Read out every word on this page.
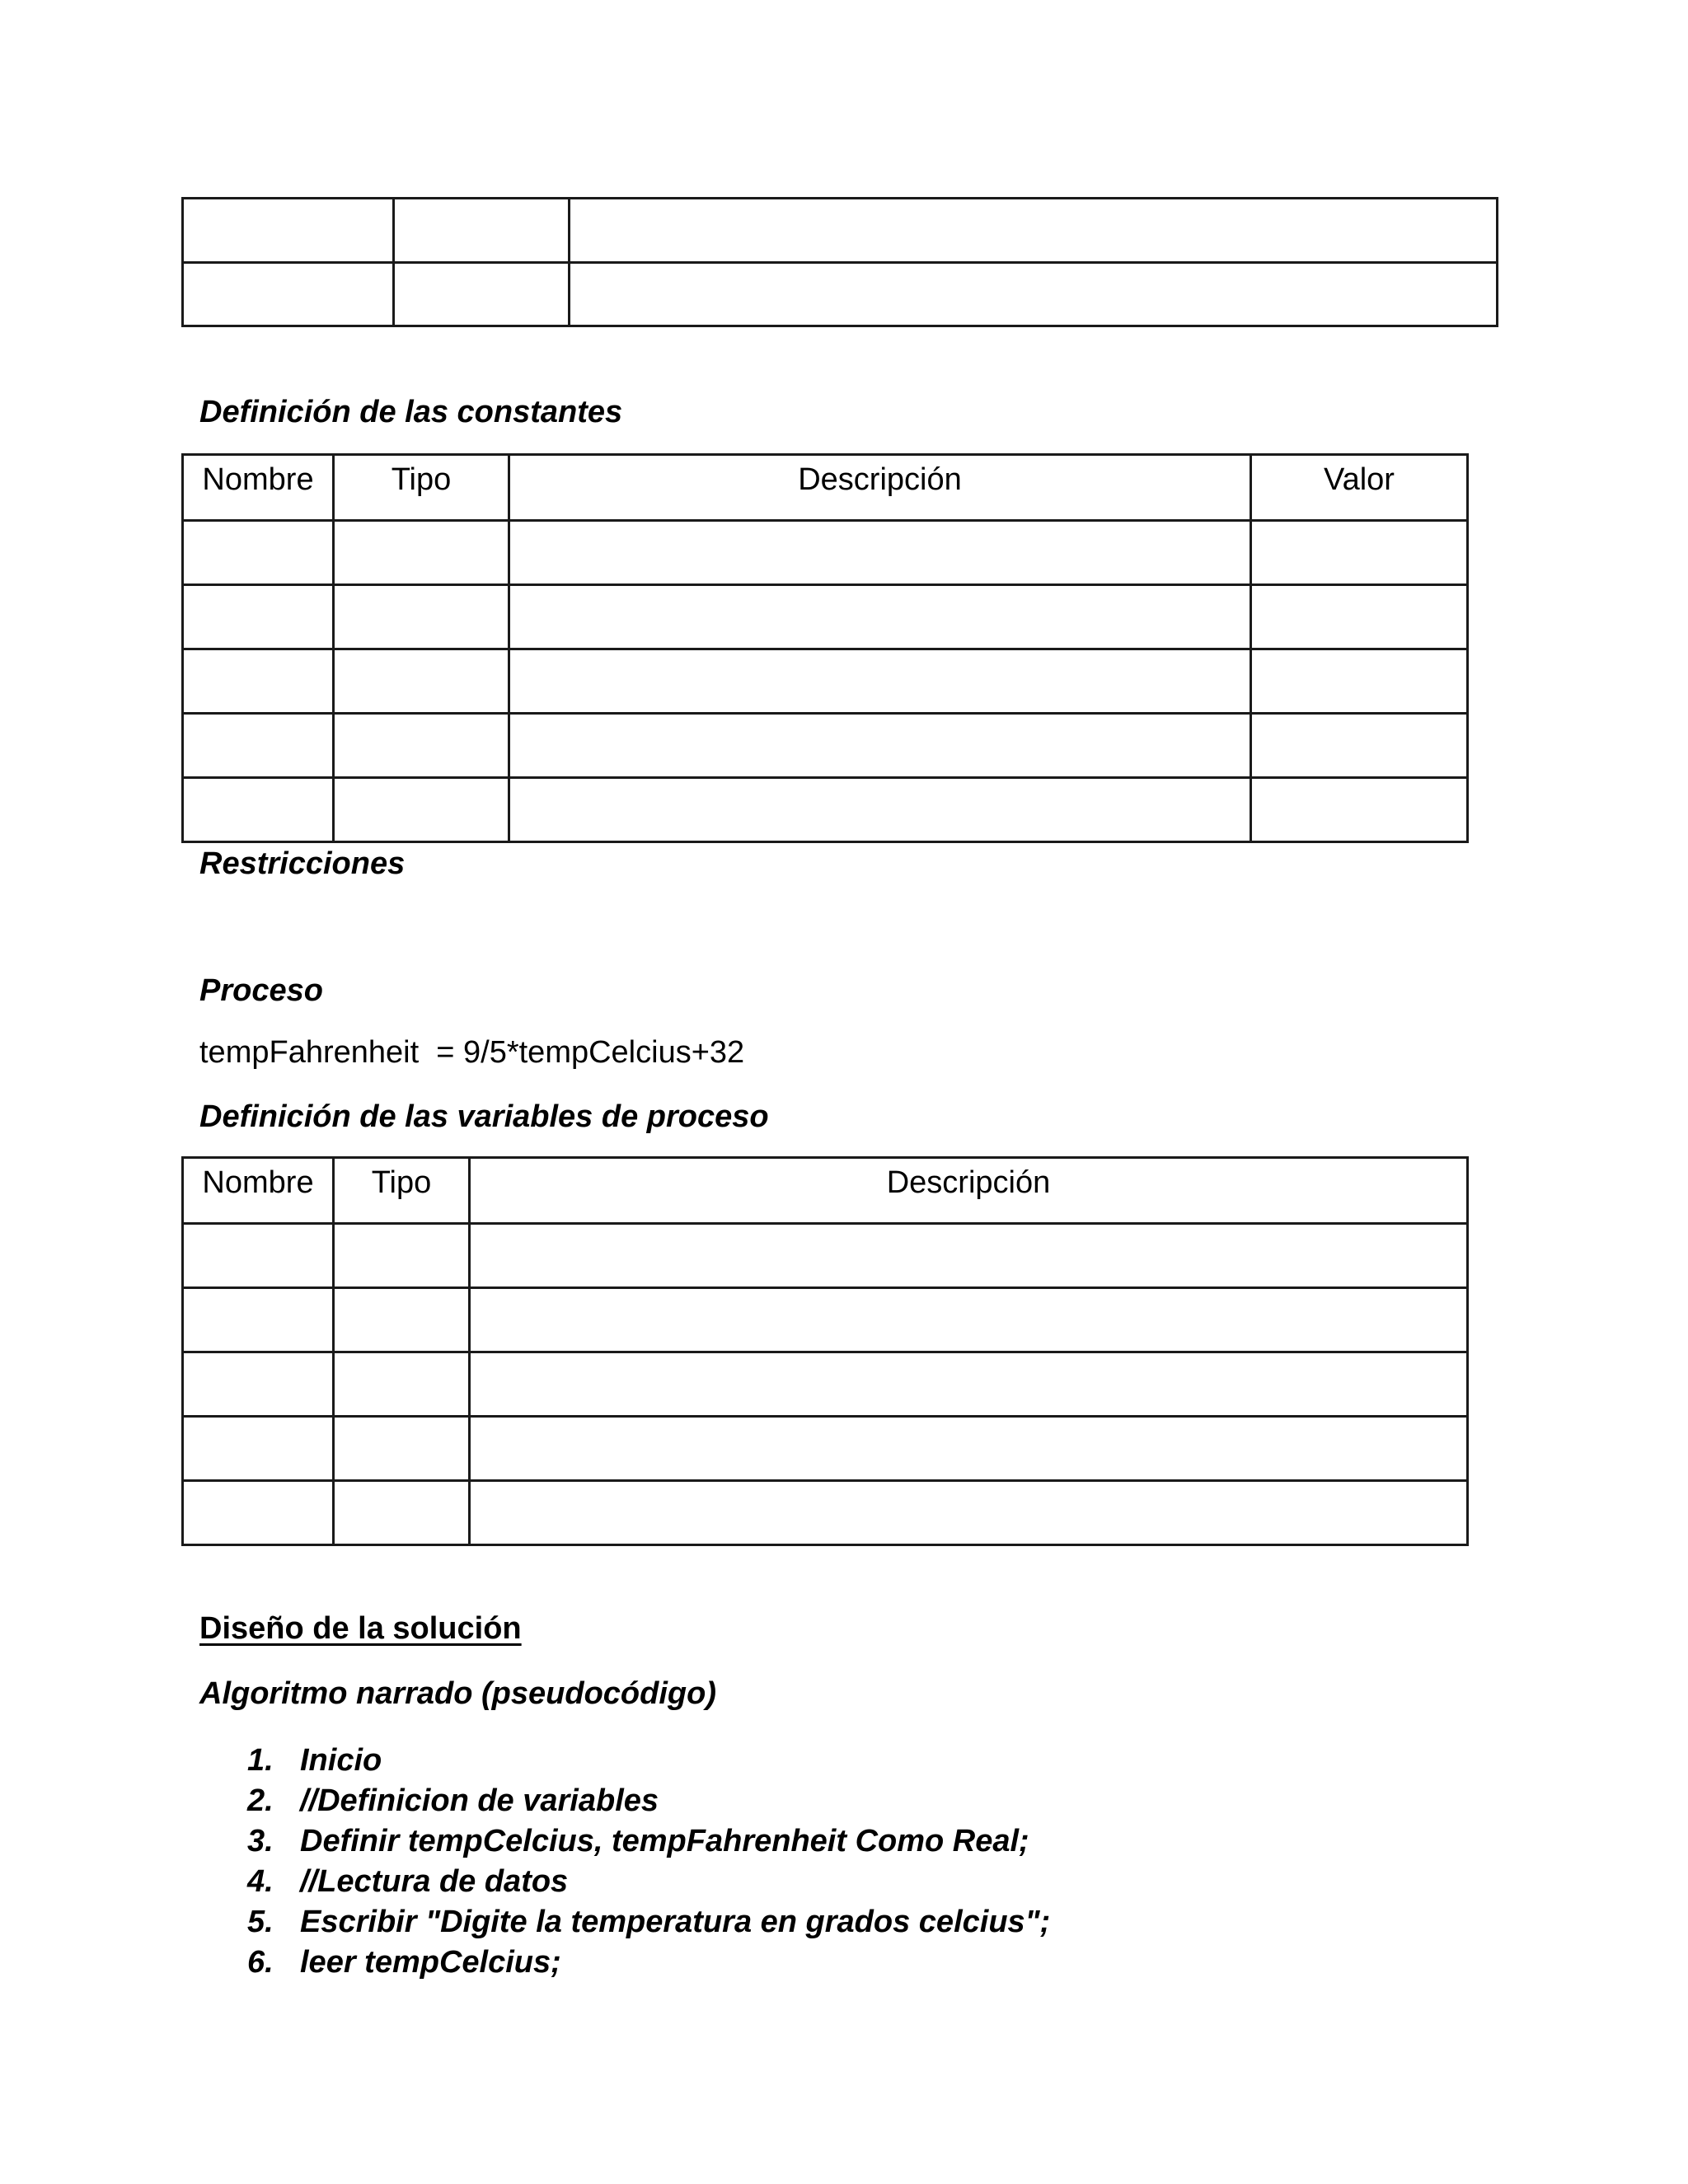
Definición de las constantes
Nombre	Tipo	Descripción	Valor

Restricciones
Proceso
tempFahrenheit  = 9/5*tempCelcius+32
Definición de las variables de proceso
Nombre	Tipo	Descripción

Diseño de la solución
Algoritmo narrado (pseudocódigo)
1. Inicio
2. //Definicion de variables
3. Definir tempCelcius, tempFahrenheit Como Real;
4. //Lectura de datos
5. Escribir "Digite la temperatura en grados celcius";
6. leer tempCelcius;
